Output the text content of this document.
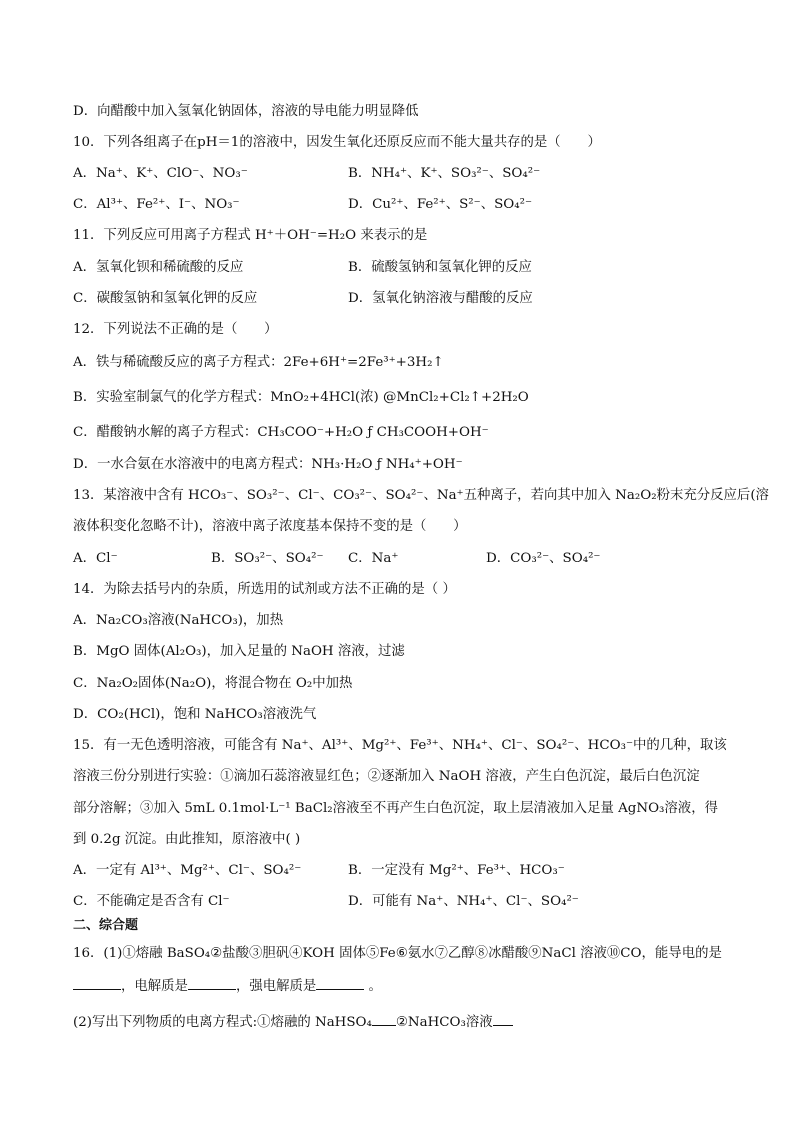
D．向醋酸中加入氢氧化钠固体，溶液的导电能力明显降低
10．下列各组离子在pH＝1的溶液中，因发生氧化还原反应而不能大量共存的是（　　）
A．Na⁺、K⁺、ClO⁻、NO₃⁻	B．NH₄⁺、K⁺、SO₃²⁻、SO₄²⁻
C．Al³⁺、Fe²⁺、I⁻、NO₃⁻	D．Cu²⁺、Fe²⁺、S²⁻、SO₄²⁻
11．下列反应可用离子方程式 H⁺＋OH⁻=H₂O 来表示的是
A．氢氧化钡和稀硫酸的反应	B．硫酸氢钠和氢氧化钾的反应
C．碳酸氢钠和氢氧化钾的反应	D．氢氧化钠溶液与醋酸的反应
12．下列说法不正确的是（　　）
A．铁与稀硫酸反应的离子方程式：2Fe+6H⁺=2Fe³⁺+3H₂↑
B．实验室制氯气的化学方程式：MnO₂+4HCl(浓) @MnCl₂+Cl₂↑+2H₂O
C．醋酸钠水解的离子方程式：CH₃COO⁻+H₂O ƒ CH₃COOH+OH⁻
D．一水合氨在水溶液中的电离方程式：NH₃·H₂O ƒ NH₄⁺+OH⁻
13．某溶液中含有 HCO₃⁻、SO₃²⁻、Cl⁻、CO₃²⁻、SO₄²⁻、Na⁺五种离子，若向其中加入 Na₂O₂粉末充分反应后(溶
液体积变化忽略不计)，溶液中离子浓度基本保持不变的是（　　）
A．Cl⁻	B．SO₃²⁻、SO₄²⁻ C．Na⁺	D．CO₃²⁻、SO₄²⁻
14．为除去括号内的杂质，所选用的试剂或方法不正确的是（ ）
A．Na₂CO₃溶液(NaHCO₃)，加热
B．MgO 固体(Al₂O₃)，加入足量的 NaOH 溶液，过滤
C．Na₂O₂固体(Na₂O)，将混合物在 O₂中加热
D．CO₂(HCl)，饱和 NaHCO₃溶液洗气
15．有一无色透明溶液，可能含有 Na⁺、Al³⁺、Mg²⁺、Fe³⁺、NH₄⁺、Cl⁻、SO₄²⁻、HCO₃⁻中的几种，取该
溶液三份分别进行实验：①滴加石蕊溶液显红色；②逐渐加入 NaOH 溶液，产生白色沉淀，最后白色沉淀
部分溶解；③加入 5mL 0.1mol·L⁻¹ BaCl₂溶液至不再产生白色沉淀，取上层清液加入足量 AgNO₃溶液，得
到 0.2g 沉淀。由此推知，原溶液中( )
A．一定有 Al³⁺、Mg²⁺、Cl⁻、SO₄²⁻	B．一定没有 Mg²⁺、Fe³⁺、HCO₃⁻
C．不能确定是否含有 Cl⁻	D．可能有 Na⁺、NH₄⁺、Cl⁻、SO₄²⁻
二、综合题
16．(1)①熔融 BaSO₄②盐酸③胆矾④KOH 固体⑤Fe⑥氨水⑦乙醇⑧冰醋酸⑨NaCl 溶液⑩CO，能导电的是
，电解质是	，强电解质是	。
(2)写出下列物质的电离方程式:①熔融的 NaHSO₄ ②NaHCO₃溶液
